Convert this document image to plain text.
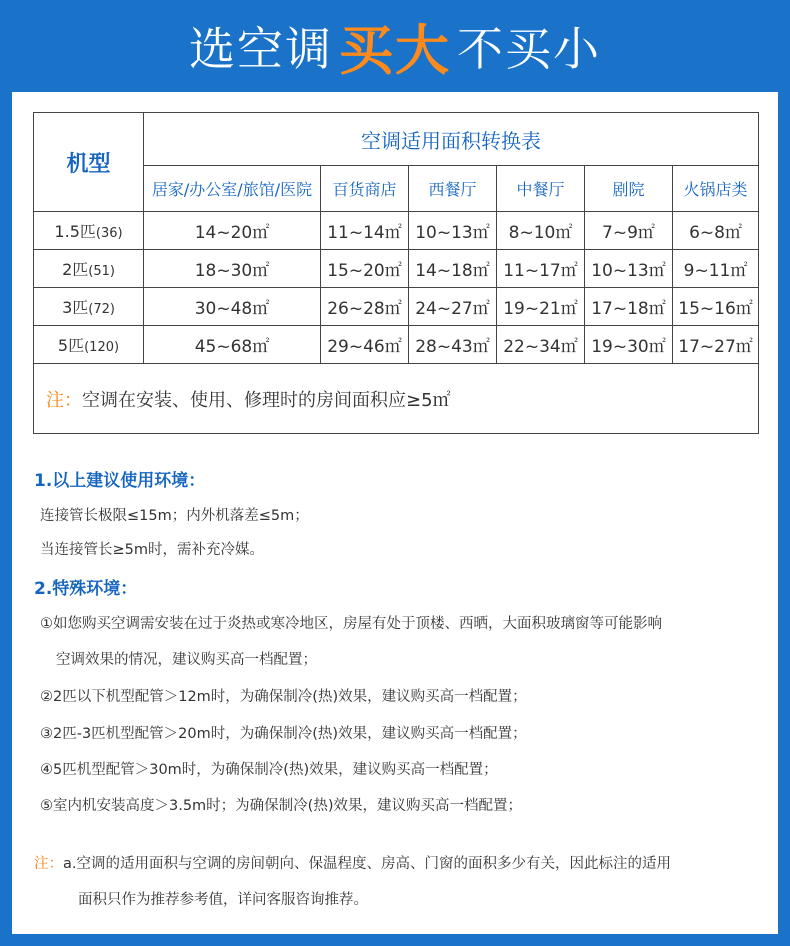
选空调 买大 不买小
机型	空调适用面积转换表					
	居家/办公室/旅馆/医院	百货商店	西餐厅	中餐厅	剧院	火锅店类
1.5匹(36)	14~20㎡	11~14㎡	10~13㎡	8~10㎡	7~9㎡	6~8㎡
2匹(51)	18~30㎡	15~20㎡	14~18㎡	11~17㎡	10~13㎡	9~11㎡
3匹(72)	30~48㎡	26~28㎡	24~27㎡	19~21㎡	17~18㎡	15~16㎡
5匹(120)	45~68㎡	29~46㎡	28~43㎡	22~34㎡	19~30㎡	17~27㎡
注：空调在安装、使用、修理时的房间面积应≥5㎡						
1.以上建议使用环境：
连接管长极限≤15m；内外机落差≤5m；
当连接管长≥5m时，需补充冷媒。
2.特殊环境：
①如您购买空调需安装在过于炎热或寒冷地区，房屋有处于顶楼、西晒，大面积玻璃窗等可能影响
空调效果的情况，建议购买高一档配置；
②2匹以下机型配管＞12m时，为确保制冷(热)效果，建议购买高一档配置；
③2匹-3匹机型配管＞20m时，为确保制冷(热)效果，建议购买高一档配置；
④5匹机型配管＞30m时，为确保制冷(热)效果，建议购买高一档配置；
⑤室内机安装高度＞3.5m时；为确保制冷(热)效果，建议购买高一档配置；
注：a.空调的适用面积与空调的房间朝向、保温程度、房高、门窗的面积多少有关，因此标注的适用
面积只作为推荐参考值，详问客服咨询推荐。
